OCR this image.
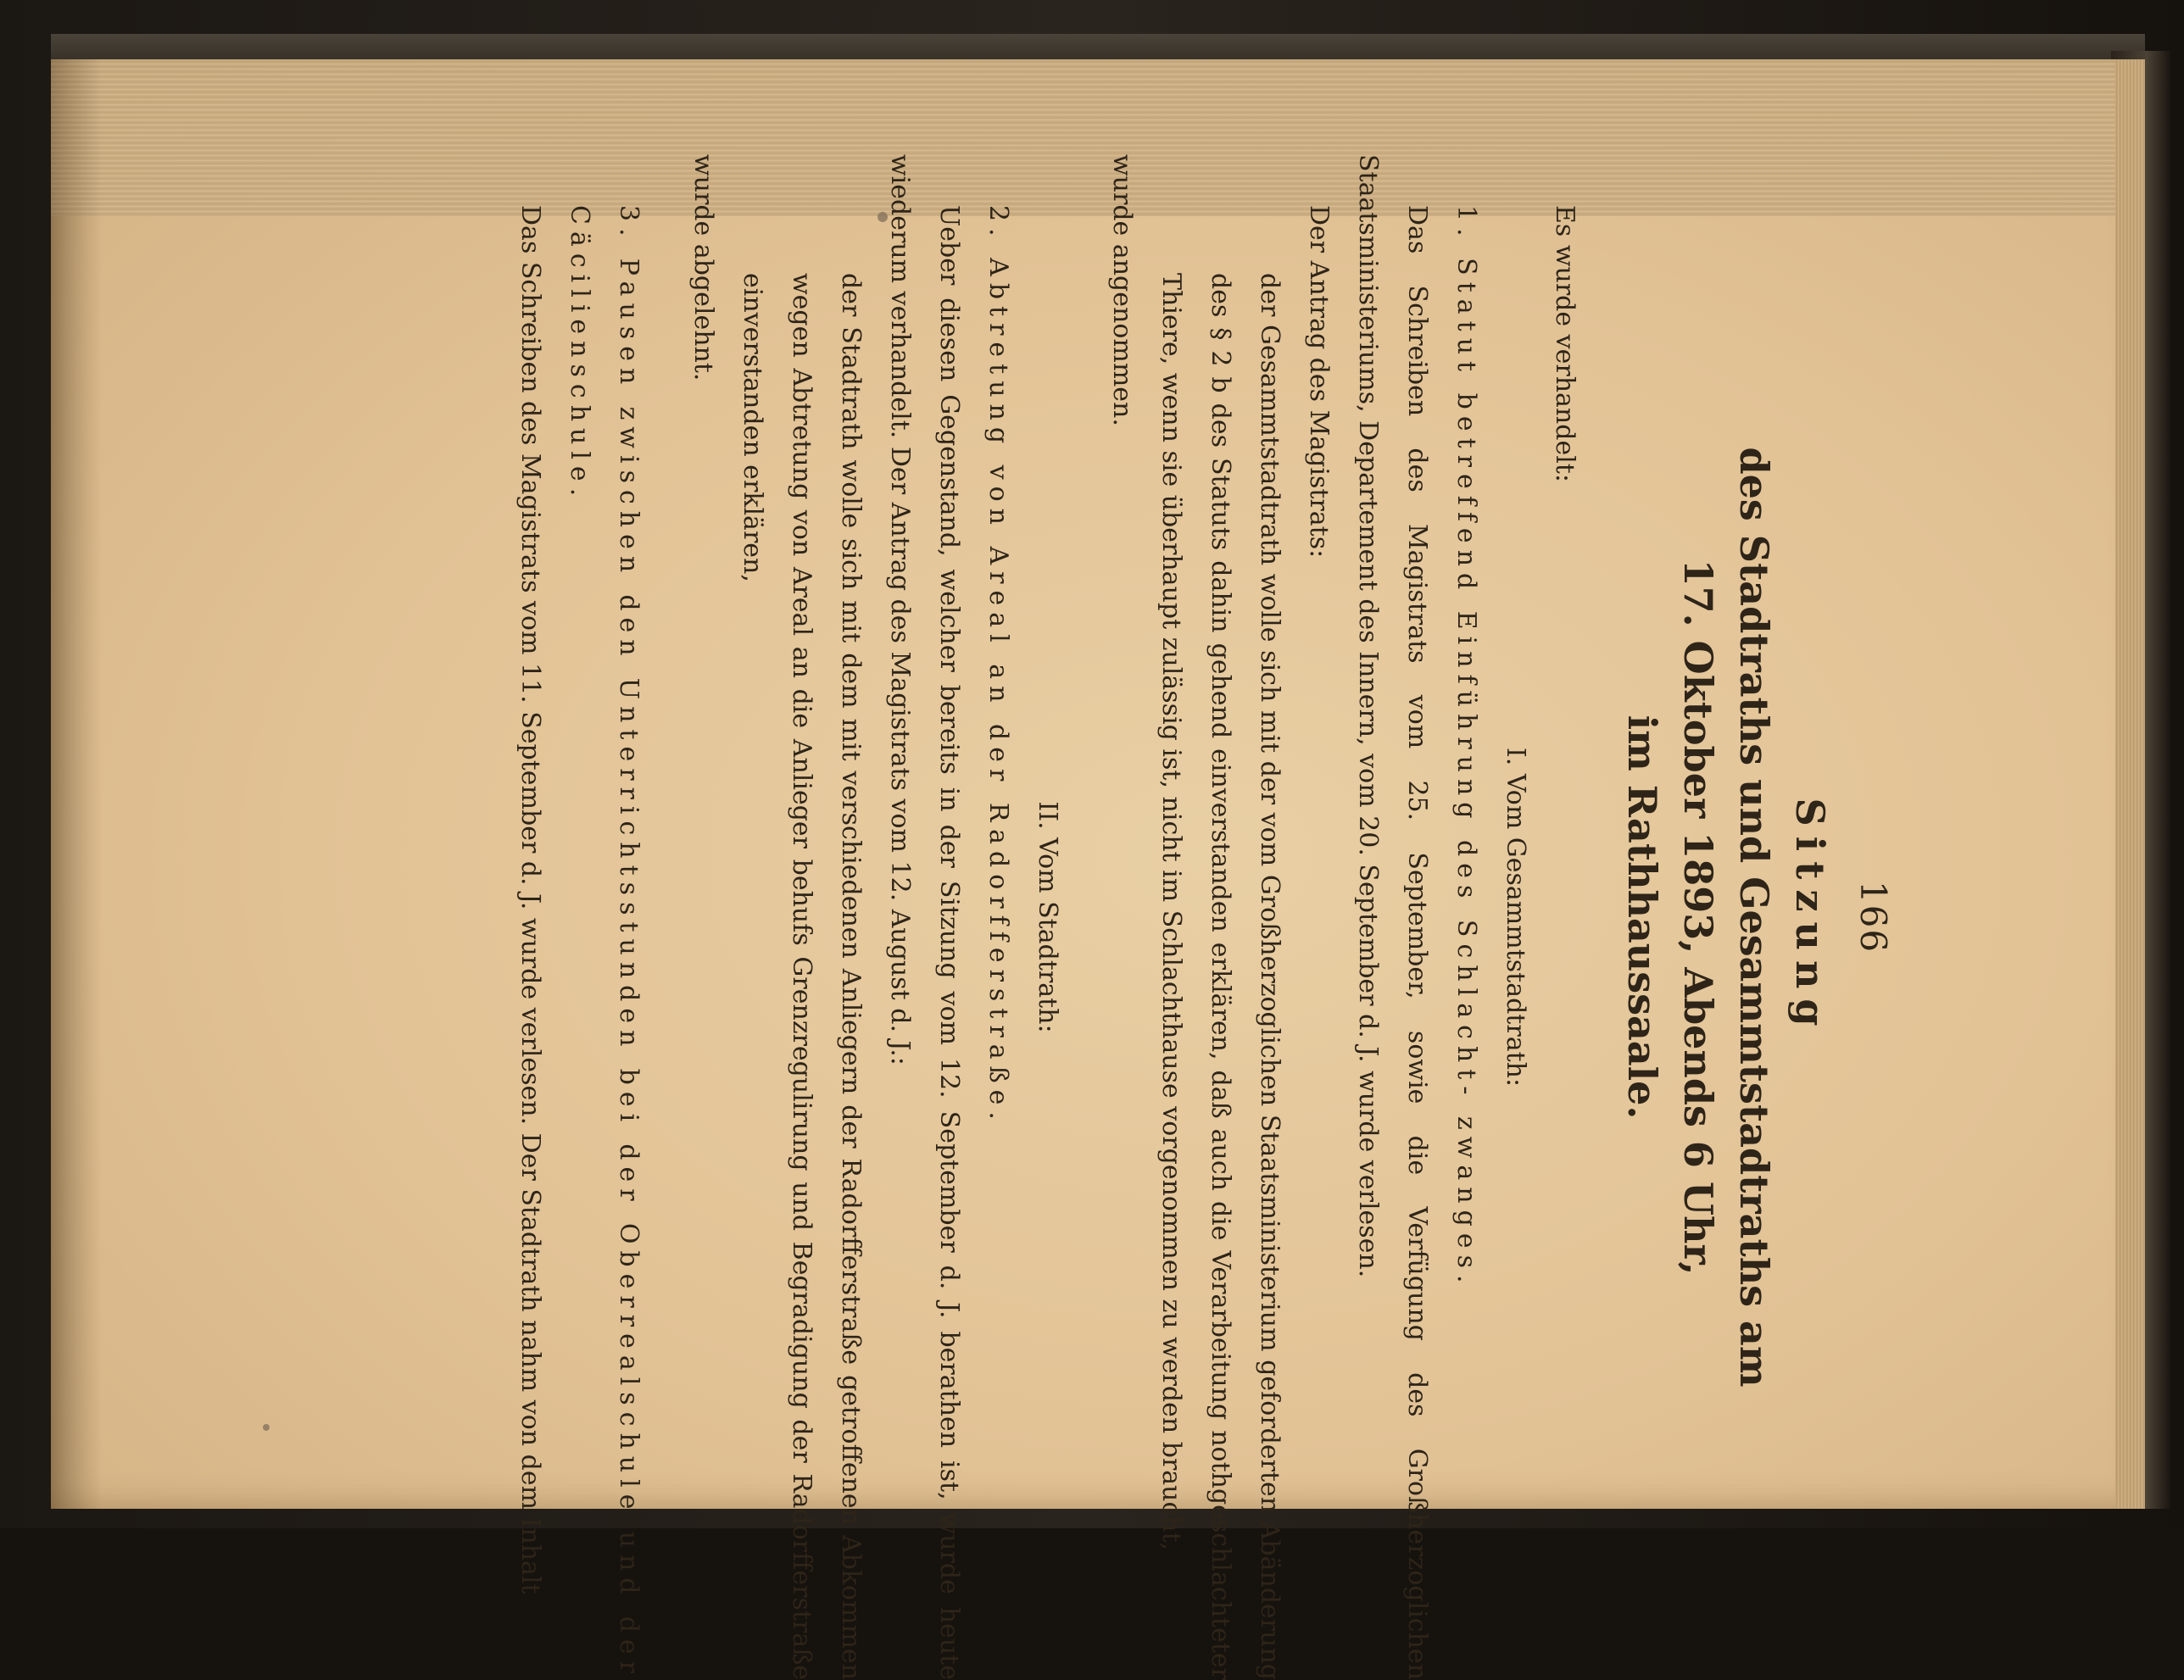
166
Sitzung
des Stadtraths und Gesammtstadtraths am
17. Oktober 1893, Abends 6 Uhr,
im Rathhaussaale.

Es wurde verhandelt:

I. Vom Gesammtstadtrath:

1. Statut betreffend Einführung des Schlacht- zwanges.

Das Schreiben des Magistrats vom 25. September, sowie die Verfügung des Großherzoglichen Staatsministeriums, Departement des Innern, vom 20. September d. J. wurde verlesen.

Der Antrag des Magistrats:

der Gesammtstadtrath wolle sich mit der vom Großherzoglichen Staatsministerium geforderten Abänderung des § 2 b des Statuts dahin gehend einverstanden erklären, daß auch die Verarbeitung nothgeschlachteter Thiere, wenn sie überhaupt zulässig ist, nicht im Schlachthause vorgenommen zu werden braucht,

wurde angenommen.

II. Vom Stadtrath:

2. Abtretung von Areal an der Radorfferstraße.

Ueber diesen Gegenstand, welcher bereits in der Sitzung vom 12. September d. J. berathen ist, wurde heute wiederum verhandelt. Der Antrag des Magistrats vom 12. August d. J.:

der Stadtrath wolle sich mit dem mit verschiedenen Anliegern der Radorfferstraße getroffenen Abkommen wegen Abtretung von Areal an die Anlieger behufs Grenzregulirung und Begradigung der Radorfferstraße einverstanden erklären,

wurde abgelehnt.

3. Pausen zwischen den Unterrichtsstunden bei der Oberrealschule und der Cäcilienschule.

Das Schreiben des Magistrats vom 11. September d. J. wurde verlesen. Der Stadtrath nahm von dem Inhalt
